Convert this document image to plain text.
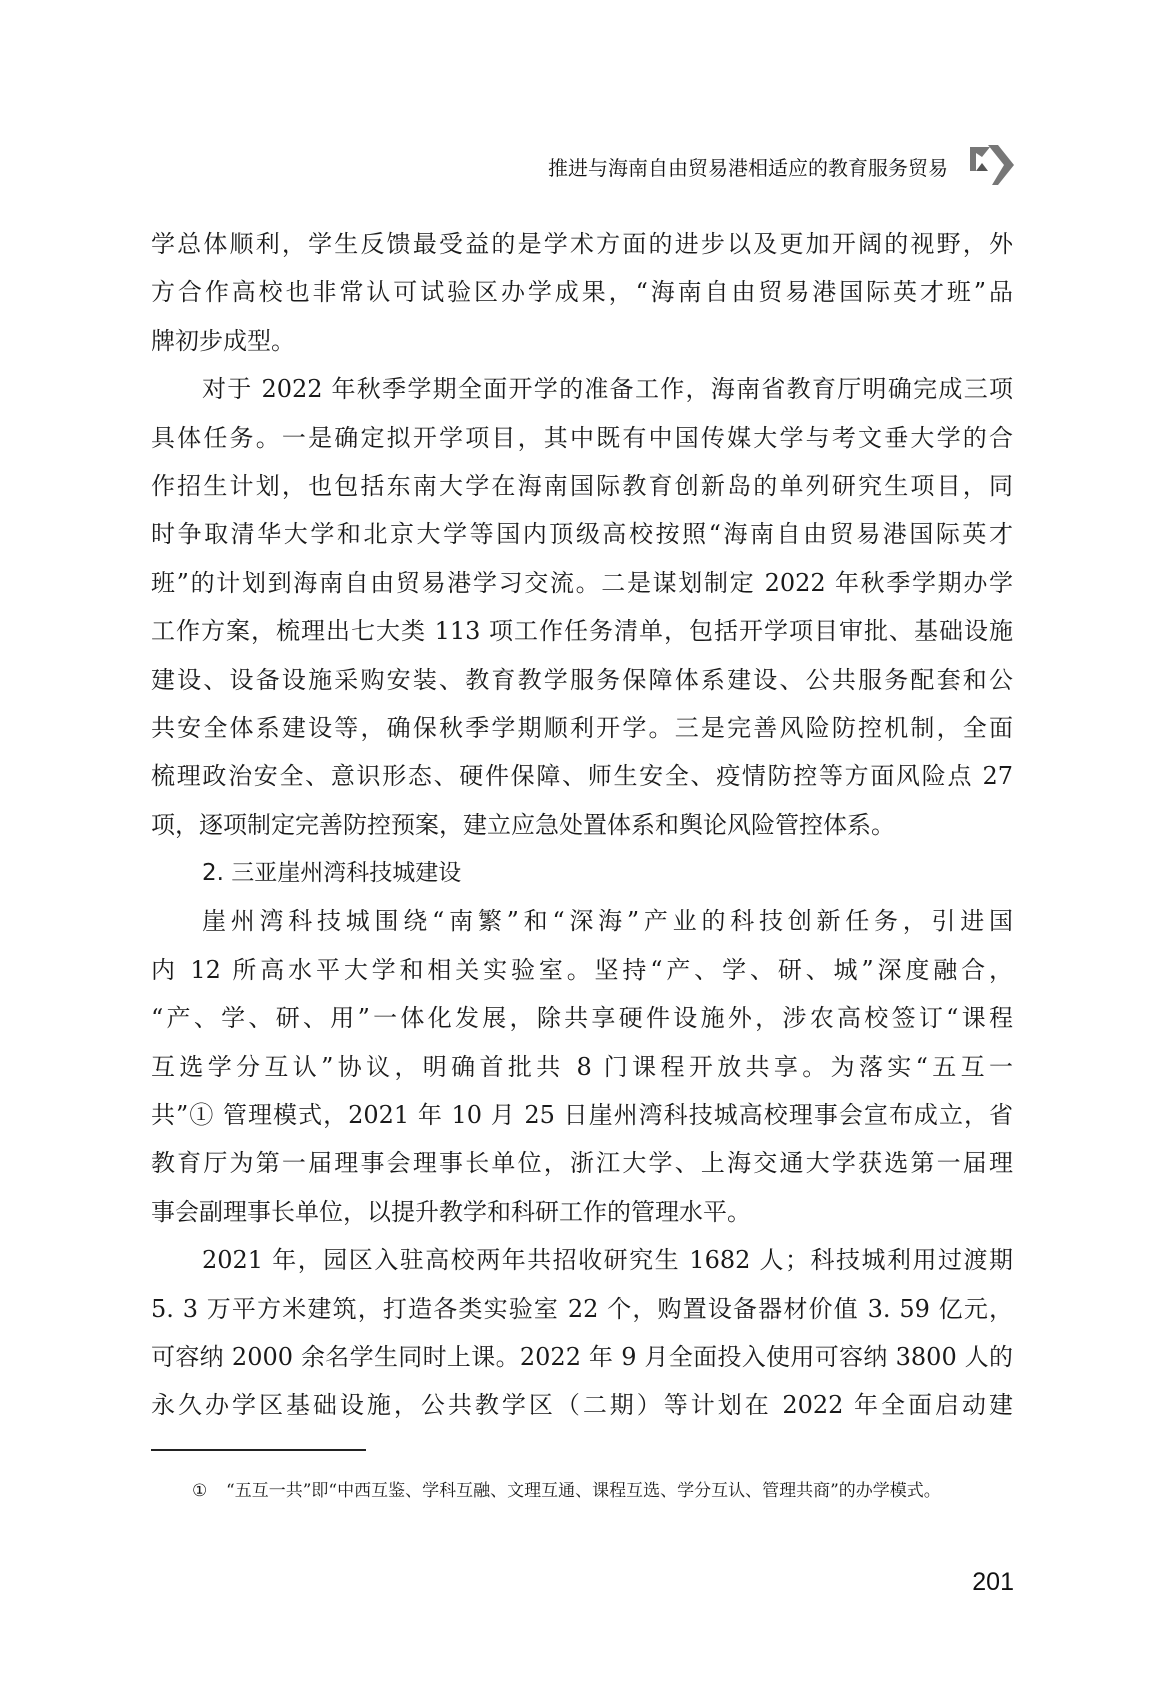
推进与海南自由贸易港相适应的教育服务贸易
学总体顺利，学生反馈最受益的是学术方面的进步以及更加开阔的视野，外
方合作高校也非常认可试验区办学成果，“海南自由贸易港国际英才班”品
牌初步成型。
对于 2022 年秋季学期全面开学的准备工作，海南省教育厅明确完成三项
具体任务。一是确定拟开学项目，其中既有中国传媒大学与考文垂大学的合
作招生计划，也包括东南大学在海南国际教育创新岛的单列研究生项目，同
时争取清华大学和北京大学等国内顶级高校按照“海南自由贸易港国际英才
班”的计划到海南自由贸易港学习交流。二是谋划制定 2022 年秋季学期办学
工作方案，梳理出七大类 113 项工作任务清单，包括开学项目审批、基础设施
建设、设备设施采购安装、教育教学服务保障体系建设、公共服务配套和公
共安全体系建设等，确保秋季学期顺利开学。三是完善风险防控机制，全面
梳理政治安全、意识形态、硬件保障、师生安全、疫情防控等方面风险点 27
项，逐项制定完善防控预案，建立应急处置体系和舆论风险管控体系。
2. 三亚崖州湾科技城建设
崖州湾科技城围绕“南繁”和“深海”产业的科技创新任务，引进国
内 12 所高水平大学和相关实验室。坚持“产、学、研、城”深度融合，
“产、学、研、用”一体化发展，除共享硬件设施外，涉农高校签订“课程
互选学分互认”协议，明确首批共 8 门课程开放共享。为落实“五互一
共”① 管理模式，2021 年 10 月 25 日崖州湾科技城高校理事会宣布成立，省
教育厅为第一届理事会理事长单位，浙江大学、上海交通大学获选第一届理
事会副理事长单位，以提升教学和科研工作的管理水平。
2021 年，园区入驻高校两年共招收研究生 1682 人；科技城利用过渡期
5. 3 万平方米建筑，打造各类实验室 22 个，购置设备器材价值 3. 59 亿元，
可容纳 2000 余名学生同时上课。2022 年 9 月全面投入使用可容纳 3800 人的
永久办学区基础设施，公共教学区（二期）等计划在 2022 年全面启动建
① “五互一共”即“中西互鉴、学科互融、文理互通、课程互选、学分互认、管理共商”的办学模式。
201
